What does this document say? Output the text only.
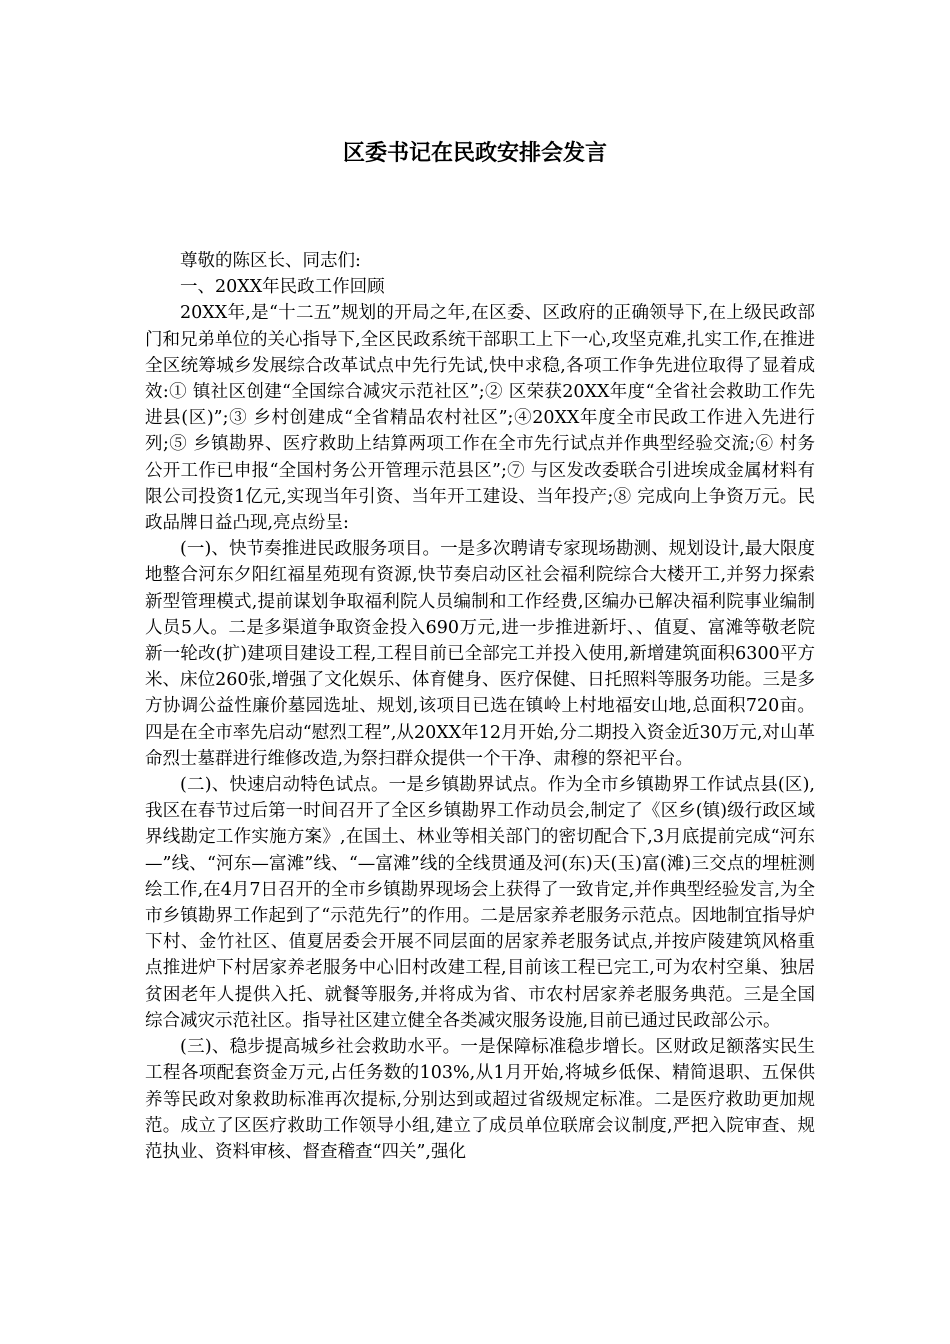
区委书记在民政安排会发言

尊敬的陈区长、同志们:

一、20XX年民政工作回顾

20XX年,是“十二五”规划的开局之年,在区委、区政府的正确领导下,在上级民政部门和兄弟单位的关心指导下,全区民政系统干部职工上下一心,攻坚克难,扎实工作,在推进全区统筹城乡发展综合改革试点中先行先试,快中求稳,各项工作争先进位取得了显着成效:① 镇社区创建“全国综合减灾示范社区”;② 区荣获20XX年度“全省社会救助工作先进县(区)”;③ 乡村创建成“全省精品农村社区”;④20XX年度全市民政工作进入先进行列;⑤ 乡镇勘界、医疗救助上结算两项工作在全市先行试点并作典型经验交流;⑥ 村务公开工作已申报“全国村务公开管理示范县区”;⑦ 与区发改委联合引进埃成金属材料有限公司投资1亿元,实现当年引资、当年开工建设、当年投产;⑧ 完成向上争资万元。民政品牌日益凸现,亮点纷呈:

(一)、快节奏推进民政服务项目。一是多次聘请专家现场勘测、规划设计,最大限度地整合河东夕阳红福星苑现有资源,快节奏启动区社会福利院综合大楼开工,并努力探索新型管理模式,提前谋划争取福利院人员编制和工作经费,区编办已解决福利院事业编制人员5人。二是多渠道争取资金投入690万元,进一步推进新圩、、值夏、富滩等敬老院新一轮改(扩)建项目建设工程,工程目前已全部完工并投入使用,新增建筑面积6300平方米、床位260张,增强了文化娱乐、体育健身、医疗保健、日托照料等服务功能。三是多方协调公益性廉价墓园选址、规划,该项目已选在镇岭上村地福安山地,总面积720亩。四是在全市率先启动“慰烈工程”,从20XX年12月开始,分二期投入资金近30万元,对山革命烈士墓群进行维修改造,为祭扫群众提供一个干净、肃穆的祭祀平台。

(二)、快速启动特色试点。一是乡镇勘界试点。作为全市乡镇勘界工作试点县(区),我区在春节过后第一时间召开了全区乡镇勘界工作动员会,制定了《区乡(镇)级行政区域界线勘定工作实施方案》,在国土、林业等相关部门的密切配合下,3月底提前完成“河东—”线、“河东—富滩”线、“—富滩”线的全线贯通及河(东)天(玉)富(滩)三交点的埋桩测绘工作,在4月7日召开的全市乡镇勘界现场会上获得了一致肯定,并作典型经验发言,为全市乡镇勘界工作起到了“示范先行”的作用。二是居家养老服务示范点。因地制宜指导炉下村、金竹社区、值夏居委会开展不同层面的居家养老服务试点,并按庐陵建筑风格重点推进炉下村居家养老服务中心旧村改建工程,目前该工程已完工,可为农村空巢、独居贫困老年人提供入托、就餐等服务,并将成为省、市农村居家养老服务典范。三是全国综合减灾示范社区。指导社区建立健全各类减灾服务设施,目前已通过民政部公示。

(三)、稳步提高城乡社会救助水平。一是保障标准稳步增长。区财政足额落实民生工程各项配套资金万元,占任务数的103%,从1月开始,将城乡低保、精简退职、五保供养等民政对象救助标准再次提标,分别达到或超过省级规定标准。二是医疗救助更加规范。成立了区医疗救助工作领导小组,建立了成员单位联席会议制度,严把入院审查、规范执业、资料审核、督查稽查“四关”,强化
